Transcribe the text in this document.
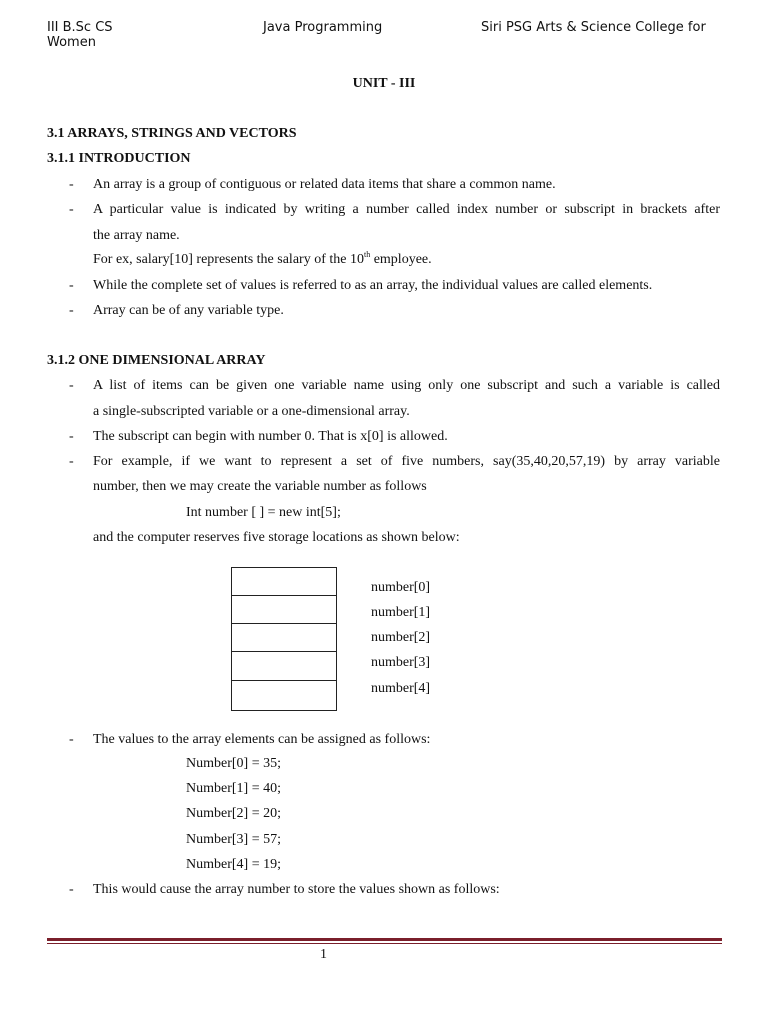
III B.Sc CS	Java Programming	Siri PSG Arts & Science College for
Women
UNIT - III
3.1 ARRAYS, STRINGS AND VECTORS
3.1.1 INTRODUCTION
- An array is a group of contiguous or related data items that share a common name.
- A particular value is indicated by writing a number called index number or subscript in brackets after
the array name.
For ex, salary[10] represents the salary of the 10th employee.
- While the complete set of values is referred to as an array, the individual values are called elements.
- Array can be of any variable type.
3.1.2 ONE DIMENSIONAL ARRAY
- A list of items can be given one variable name using only one subscript and such a variable is called
a single-subscripted variable or a one-dimensional array.
- The subscript can begin with number 0. That is x[0] is allowed.
- For example, if we want to represent a set of five numbers, say(35,40,20,57,19) by array variable
number, then we may create the variable number as follows
Int number [ ] = new int[5];
and the computer reserves five storage locations as shown below:
number[0]
number[1]
number[2]
number[3]
number[4]
- The values to the array elements can be assigned as follows:
Number[0] = 35;
Number[1] = 40;
Number[2] = 20;
Number[3] = 57;
Number[4] = 19;
- This would cause the array number to store the values shown as follows:
1
